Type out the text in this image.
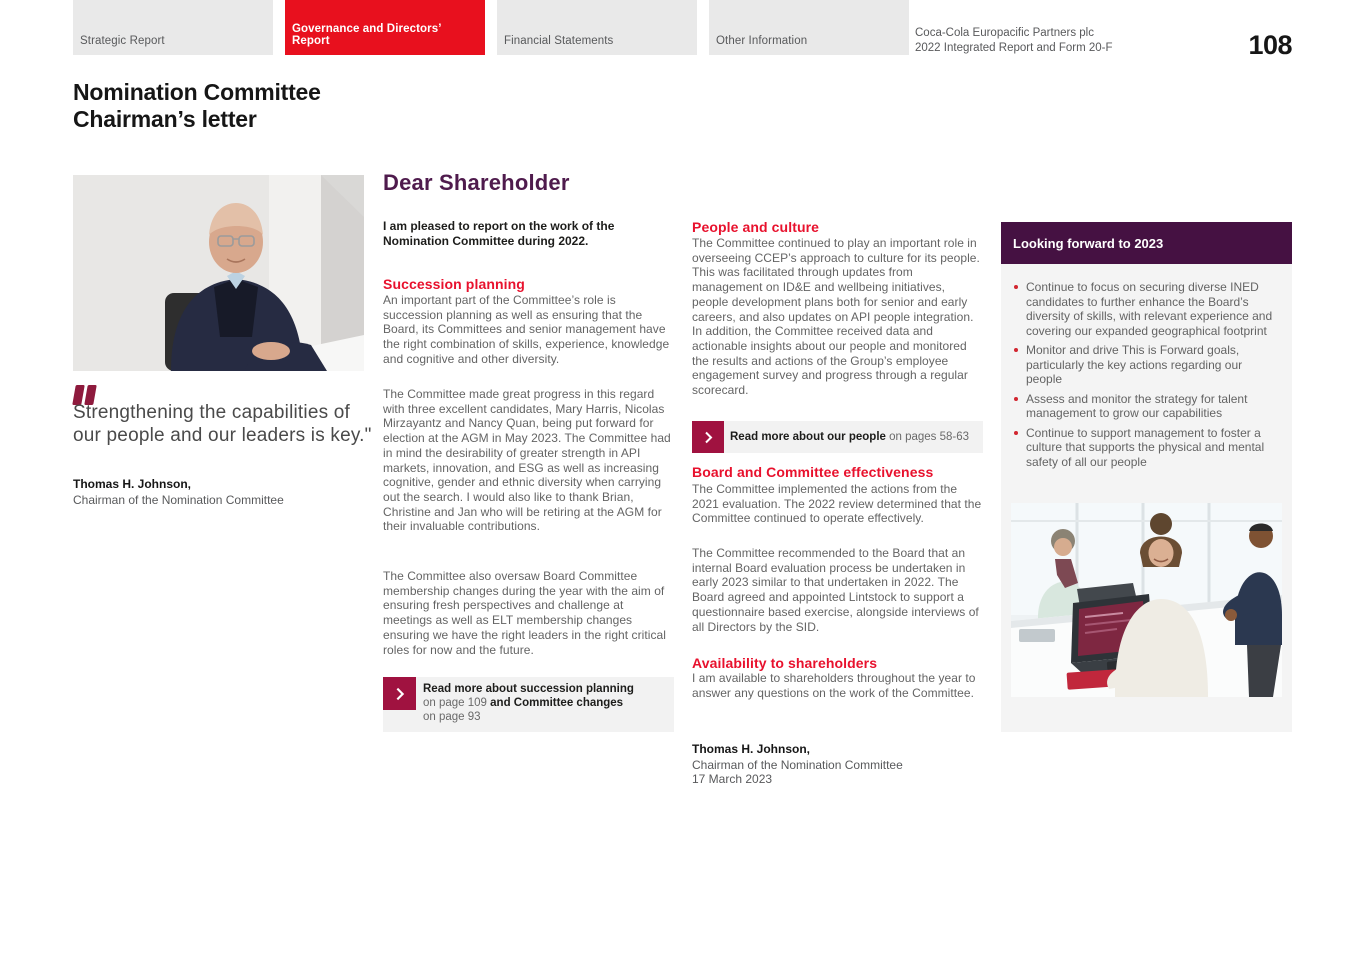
Strategic Report
Governance and Directors’ Report	Financial Statements	Other Information
Coca-Cola Europacific Partners plc
2022 Integrated Report and Form 20-F	108
Nomination Committee
Chairman’s letter
Strengthening the capabilities of our people and our leaders is key."
Thomas H. Johnson,
Chairman of the Nomination Committee
Dear Shareholder

I am pleased to report on the work of the Nomination Committee during 2022.

Succession planning

An important part of the Committee’s role is succession planning as well as ensuring that the Board, its Committees and senior management have the right combination of skills, experience, knowledge and cognitive and other diversity.

The Committee made great progress in this regard with three excellent candidates, Mary Harris, Nicolas Mirzayantz and Nancy Quan, being put forward for election at the AGM in May 2023. The Committee had in mind the desirability of greater strength in API markets, innovation, and ESG as well as increasing cognitive, gender and ethnic diversity when carrying out the search. I would also like to thank Brian, Christine and Jan who will be retiring at the AGM for their invaluable contributions.

The Committee also oversaw Board Committee membership changes during the year with the aim of ensuring fresh perspectives and challenge at meetings as well as ELT membership changes ensuring we have the right leaders in the right critical roles for now and the future.

Read more about succession planning
on page 109 and Committee changes
on page 93
People and culture

The Committee continued to play an important role in overseeing CCEP’s approach to culture for its people. This was facilitated through updates from management on ID&E and wellbeing initiatives, people development plans both for senior and early careers, and also updates on API people integration. In addition, the Committee received data and actionable insights about our people and monitored the results and actions of the Group’s employee engagement survey and progress through a regular scorecard.

Read more about our people on pages 58-63
Board and Committee effectiveness

The Committee implemented the actions from the 2021 evaluation. The 2022 review determined that the Committee continued to operate effectively.

The Committee recommended to the Board that an internal Board evaluation process be undertaken in early 2023 similar to that undertaken in 2022. The Board agreed and appointed Lintstock to support a questionnaire based exercise, alongside interviews of all Directors by the SID.

Availability to shareholders

I am available to shareholders throughout the year to answer any questions on the work of the Committee.

Thomas H. Johnson,
Chairman of the Nomination Committee
17 March 2023
Looking forward to 2023
Continue to focus on securing diverse INED candidates to further enhance the Board’s diversity of skills, with relevant experience and covering our expanded geographical footprint
Monitor and drive This is Forward goals, particularly the key actions regarding our people
Assess and monitor the strategy for talent management to grow our capabilities
Continue to support management to foster a culture that supports the physical and mental safety of all our people
